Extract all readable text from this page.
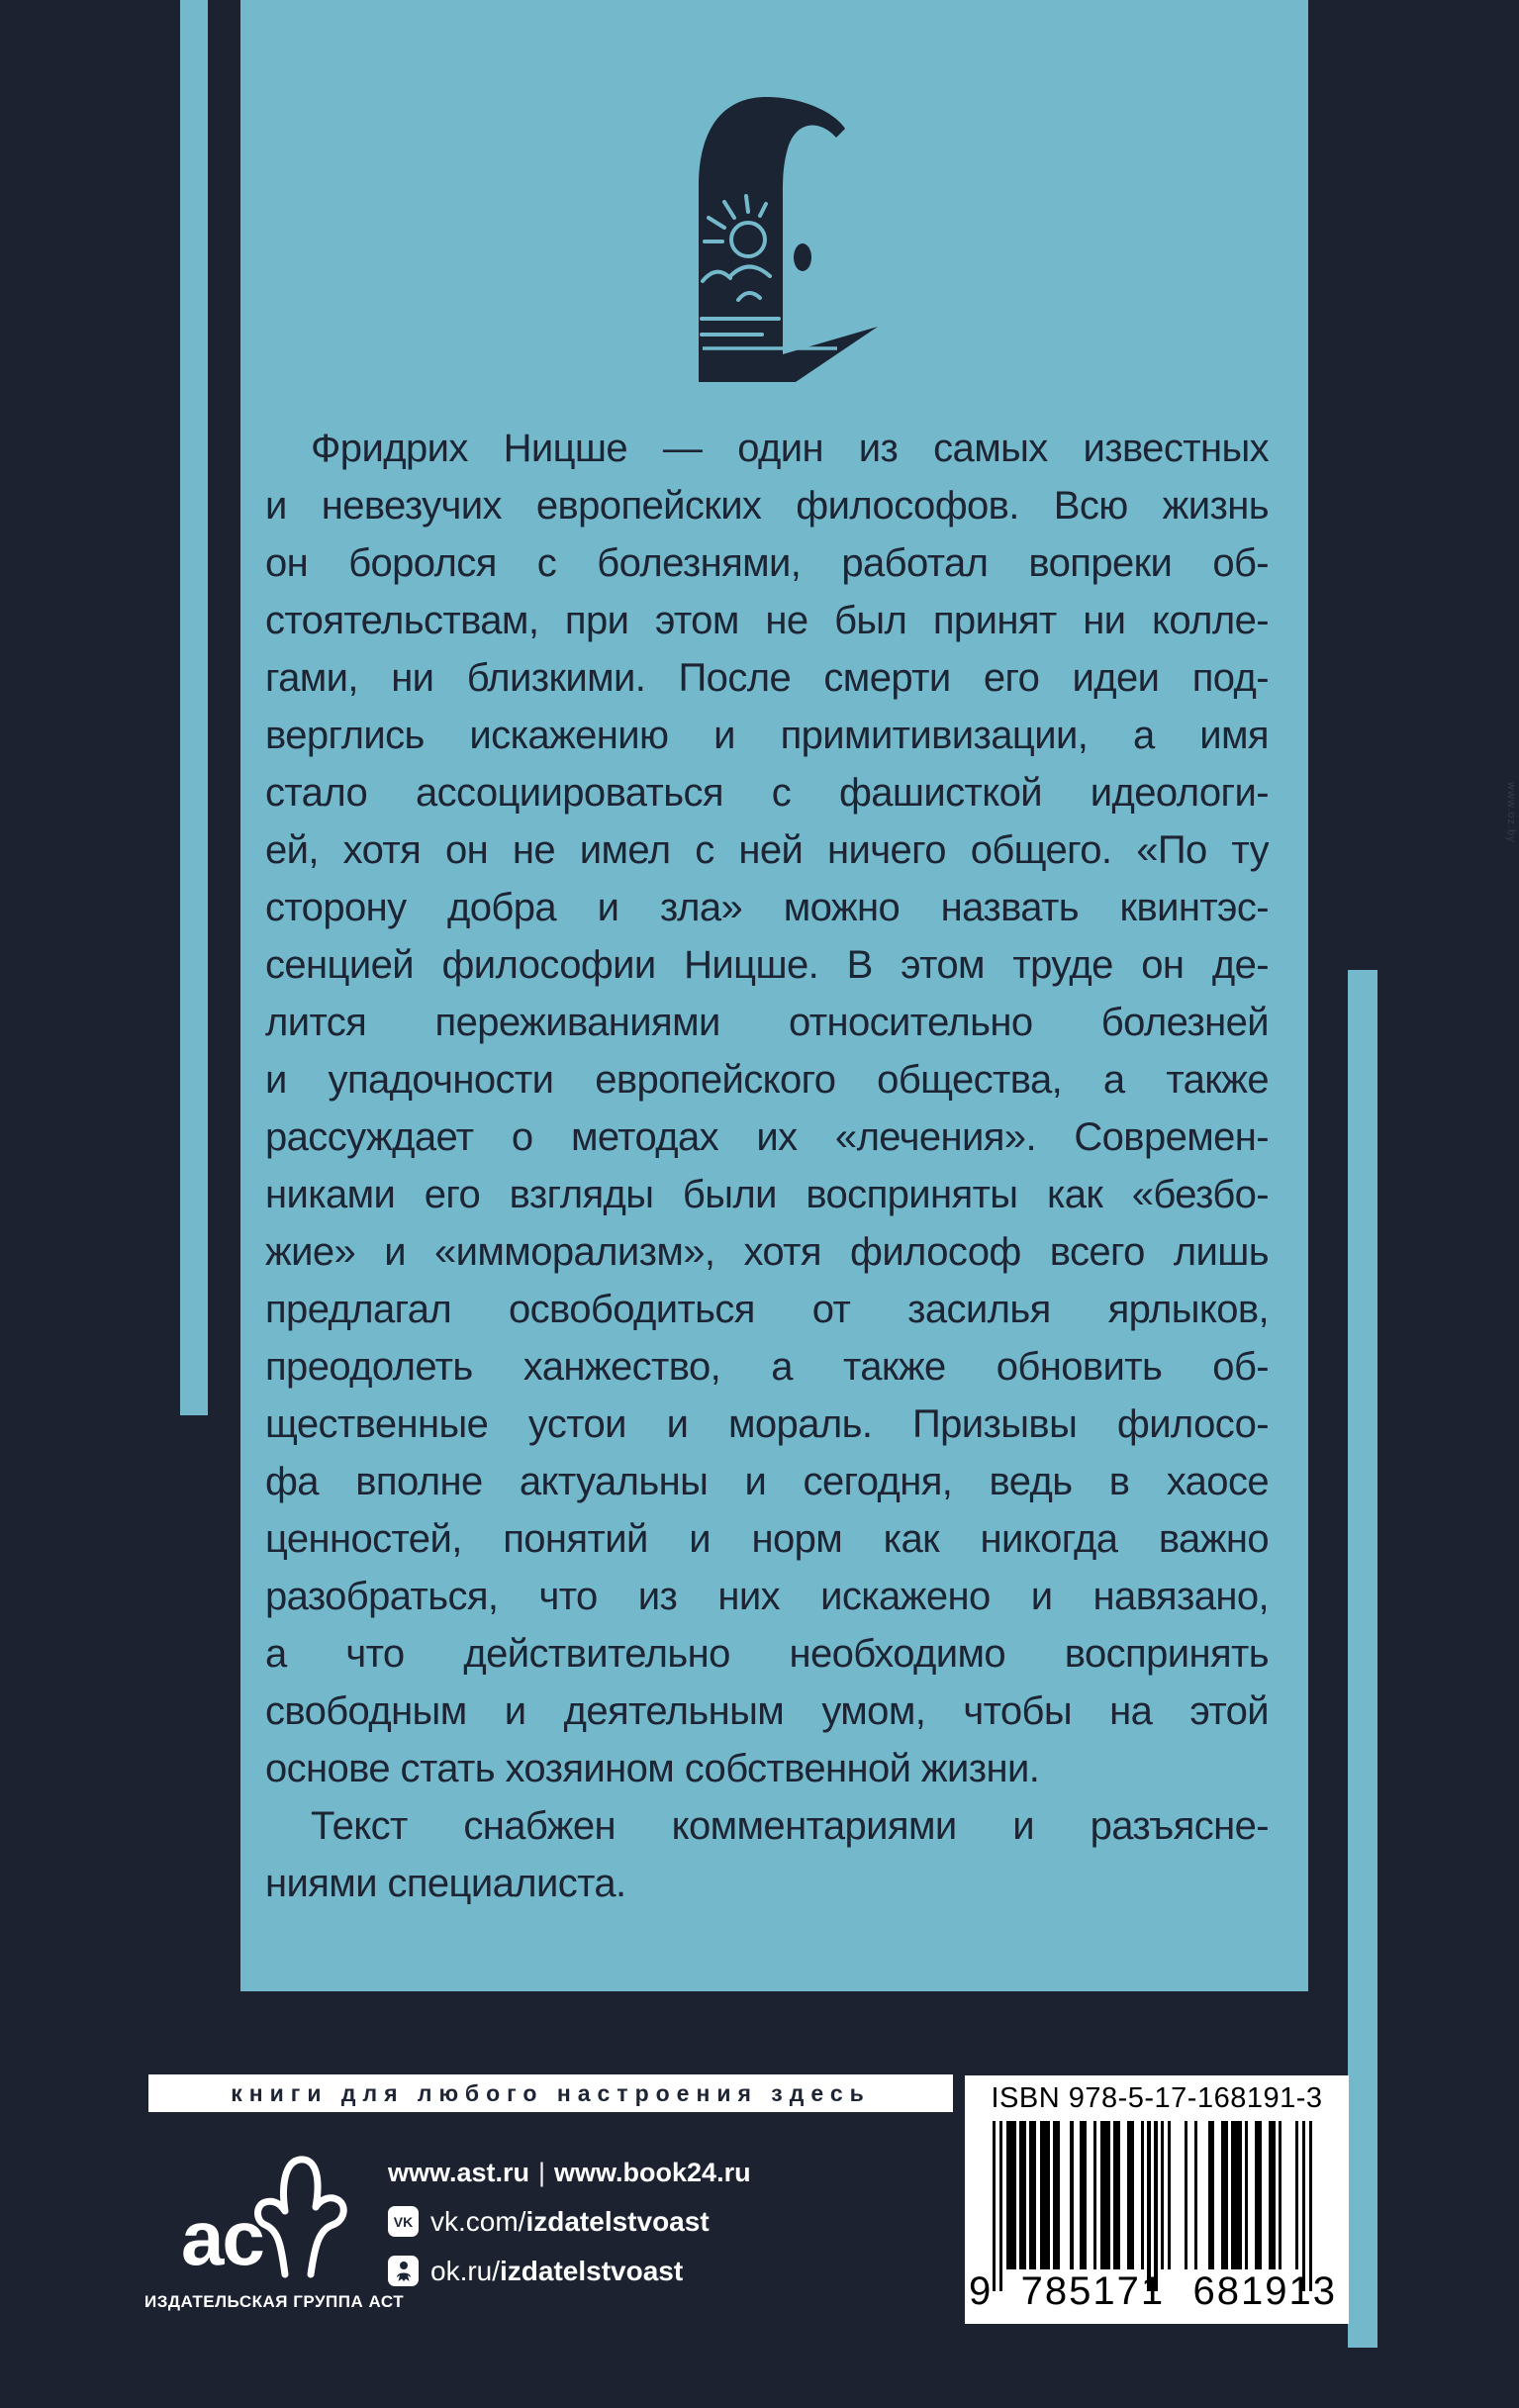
Фридрих Ницше — один из самых известных
и невезучих европейских философов. Всю жизнь
он боролся с болезнями, работал вопреки об-
стоятельствам, при этом не был принят ни колле-
гами, ни близкими. После смерти его идеи под-
верглись искажению и примитивизации, а имя
стало ассоциироваться с фашисткой идеологи-
ей, хотя он не имел с ней ничего общего. «По ту
сторону добра и зла» можно назвать квинтэс-
сенцией философии Ницше. В этом труде он де-
лится переживаниями относительно болезней
и упадочности европейского общества, а также
рассуждает о методах их «лечения». Современ-
никами его взгляды были восприняты как «безбо-
жие» и «имморализм», хотя философ всего лишь
предлагал освободиться от засилья ярлыков,
преодолеть ханжество, а также обновить об-
щественные устои и мораль. Призывы филосо-
фа вполне актуальны и сегодня, ведь в хаосе
ценностей, понятий и норм как никогда важно
разобраться, что из них искажено и навязано,
а что действительно необходимо воспринять
свободным и деятельным умом, чтобы на этой
основе стать хозяином собственной жизни.
Текст снабжен комментариями и разъясне-
ниями специалиста.
книги для любого настроения здесь
ас
ИЗДАТЕЛЬСКАЯ ГРУППА АСТ
www.ast.ru | www.book24.ru
VK vk.com/izdatelstvoast
ok.ru/izdatelstvoast
ISBN 978-5-17-168191-3
9 785171 681913
www.oz.by
